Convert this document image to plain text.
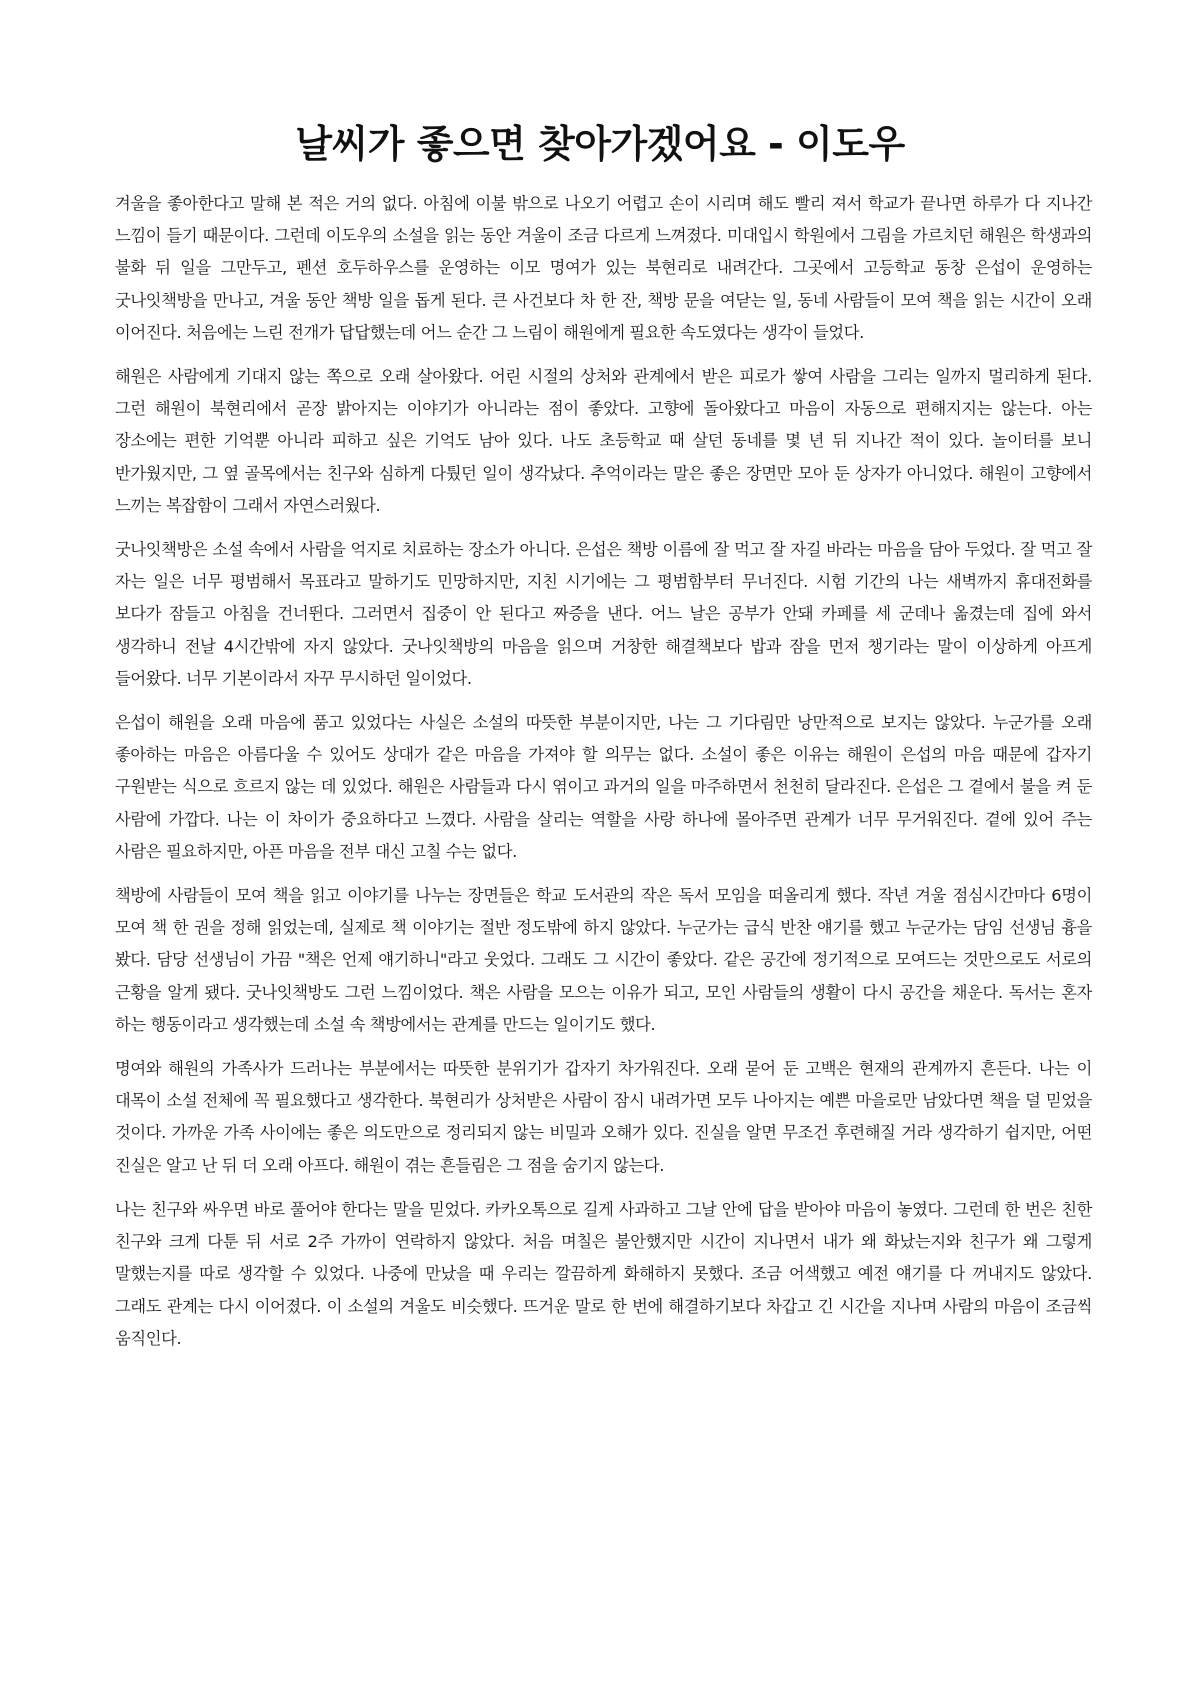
날씨가 좋으면 찾아가겠어요 - 이도우

겨울을 좋아한다고 말해 본 적은 거의 없다. 아침에 이불 밖으로 나오기 어렵고 손이 시리며 해도 빨리 져서 학교가 끝나면 하루가 다 지나간 느낌이 들기 때문이다. 그런데 이도우의 소설을 읽는 동안 겨울이 조금 다르게 느껴졌다. 미대입시 학원에서 그림을 가르치던 해원은 학생과의 불화 뒤 일을 그만두고, 펜션 호두하우스를 운영하는 이모 명여가 있는 북현리로 내려간다. 그곳에서 고등학교 동창 은섭이 운영하는 굿나잇책방을 만나고, 겨울 동안 책방 일을 돕게 된다. 큰 사건보다 차 한 잔, 책방 문을 여닫는 일, 동네 사람들이 모여 책을 읽는 시간이 오래 이어진다. 처음에는 느린 전개가 답답했는데 어느 순간 그 느림이 해원에게 필요한 속도였다는 생각이 들었다.

해원은 사람에게 기대지 않는 쪽으로 오래 살아왔다. 어린 시절의 상처와 관계에서 받은 피로가 쌓여 사람을 그리는 일까지 멀리하게 된다. 그런 해원이 북현리에서 곧장 밝아지는 이야기가 아니라는 점이 좋았다. 고향에 돌아왔다고 마음이 자동으로 편해지지는 않는다. 아는 장소에는 편한 기억뿐 아니라 피하고 싶은 기억도 남아 있다. 나도 초등학교 때 살던 동네를 몇 년 뒤 지나간 적이 있다. 놀이터를 보니 반가웠지만, 그 옆 골목에서는 친구와 심하게 다퉜던 일이 생각났다. 추억이라는 말은 좋은 장면만 모아 둔 상자가 아니었다. 해원이 고향에서 느끼는 복잡함이 그래서 자연스러웠다.

굿나잇책방은 소설 속에서 사람을 억지로 치료하는 장소가 아니다. 은섭은 책방 이름에 잘 먹고 잘 자길 바라는 마음을 담아 두었다. 잘 먹고 잘 자는 일은 너무 평범해서 목표라고 말하기도 민망하지만, 지친 시기에는 그 평범함부터 무너진다. 시험 기간의 나는 새벽까지 휴대전화를 보다가 잠들고 아침을 건너뛴다. 그러면서 집중이 안 된다고 짜증을 낸다. 어느 날은 공부가 안돼 카페를 세 군데나 옮겼는데 집에 와서 생각하니 전날 4시간밖에 자지 않았다. 굿나잇책방의 마음을 읽으며 거창한 해결책보다 밥과 잠을 먼저 챙기라는 말이 이상하게 아프게 들어왔다. 너무 기본이라서 자꾸 무시하던 일이었다.

은섭이 해원을 오래 마음에 품고 있었다는 사실은 소설의 따뜻한 부분이지만, 나는 그 기다림만 낭만적으로 보지는 않았다. 누군가를 오래 좋아하는 마음은 아름다울 수 있어도 상대가 같은 마음을 가져야 할 의무는 없다. 소설이 좋은 이유는 해원이 은섭의 마음 때문에 갑자기 구원받는 식으로 흐르지 않는 데 있었다. 해원은 사람들과 다시 엮이고 과거의 일을 마주하면서 천천히 달라진다. 은섭은 그 곁에서 불을 켜 둔 사람에 가깝다. 나는 이 차이가 중요하다고 느꼈다. 사람을 살리는 역할을 사랑 하나에 몰아주면 관계가 너무 무거워진다. 곁에 있어 주는 사람은 필요하지만, 아픈 마음을 전부 대신 고칠 수는 없다.

책방에 사람들이 모여 책을 읽고 이야기를 나누는 장면들은 학교 도서관의 작은 독서 모임을 떠올리게 했다. 작년 겨울 점심시간마다 6명이 모여 책 한 권을 정해 읽었는데, 실제로 책 이야기는 절반 정도밖에 하지 않았다. 누군가는 급식 반찬 얘기를 했고 누군가는 담임 선생님 흉을 봤다. 담당 선생님이 가끔 "책은 언제 얘기하니"라고 웃었다. 그래도 그 시간이 좋았다. 같은 공간에 정기적으로 모여드는 것만으로도 서로의 근황을 알게 됐다. 굿나잇책방도 그런 느낌이었다. 책은 사람을 모으는 이유가 되고, 모인 사람들의 생활이 다시 공간을 채운다. 독서는 혼자 하는 행동이라고 생각했는데 소설 속 책방에서는 관계를 만드는 일이기도 했다.

명여와 해원의 가족사가 드러나는 부분에서는 따뜻한 분위기가 갑자기 차가워진다. 오래 묻어 둔 고백은 현재의 관계까지 흔든다. 나는 이 대목이 소설 전체에 꼭 필요했다고 생각한다. 북현리가 상처받은 사람이 잠시 내려가면 모두 나아지는 예쁜 마을로만 남았다면 책을 덜 믿었을 것이다. 가까운 가족 사이에는 좋은 의도만으로 정리되지 않는 비밀과 오해가 있다. 진실을 알면 무조건 후련해질 거라 생각하기 쉽지만, 어떤 진실은 알고 난 뒤 더 오래 아프다. 해원이 겪는 흔들림은 그 점을 숨기지 않는다.

나는 친구와 싸우면 바로 풀어야 한다는 말을 믿었다. 카카오톡으로 길게 사과하고 그날 안에 답을 받아야 마음이 놓였다. 그런데 한 번은 친한 친구와 크게 다툰 뒤 서로 2주 가까이 연락하지 않았다. 처음 며칠은 불안했지만 시간이 지나면서 내가 왜 화났는지와 친구가 왜 그렇게 말했는지를 따로 생각할 수 있었다. 나중에 만났을 때 우리는 깔끔하게 화해하지 못했다. 조금 어색했고 예전 얘기를 다 꺼내지도 않았다. 그래도 관계는 다시 이어졌다. 이 소설의 겨울도 비슷했다. 뜨거운 말로 한 번에 해결하기보다 차갑고 긴 시간을 지나며 사람의 마음이 조금씩 움직인다.
